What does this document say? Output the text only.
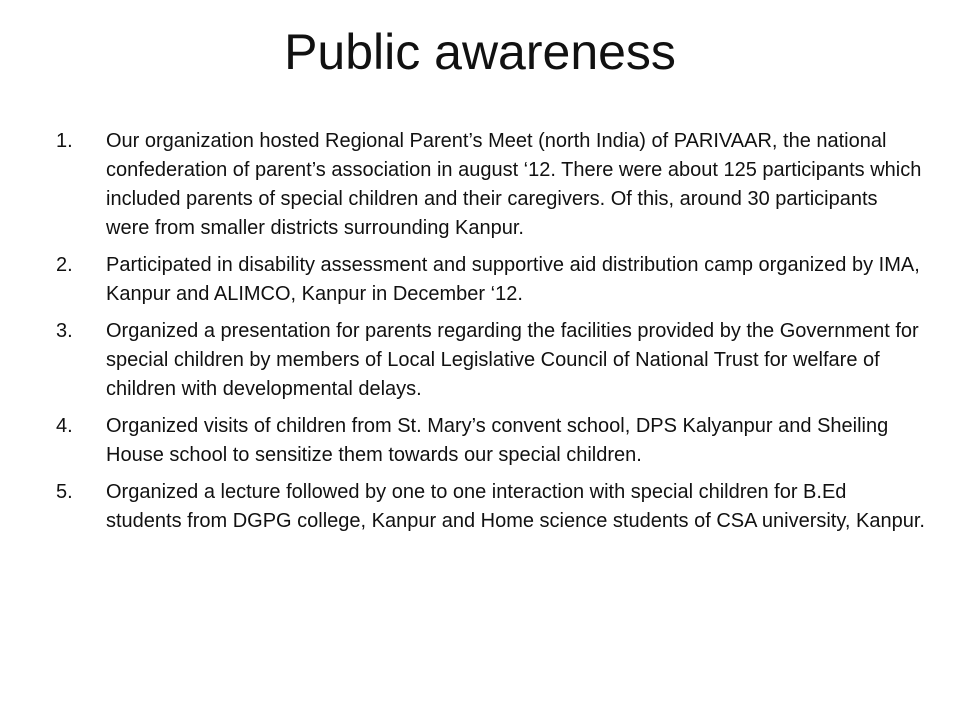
Public awareness
1.	Our organization hosted Regional Parent’s Meet (north India) of PARIVAAR, the national confederation of parent’s association in august ‘12. There were about 125 participants which included parents of special children and their caregivers. Of this, around 30 participants were from smaller districts surrounding Kanpur.
2.	Participated in disability assessment and supportive aid distribution camp organized by IMA, Kanpur and ALIMCO, Kanpur in December ‘12.
3.	Organized a presentation for parents regarding the facilities provided by the Government for special children by members of Local Legislative Council of National Trust for welfare of children with developmental delays.
4.	Organized visits of children from St. Mary’s convent school, DPS Kalyanpur and Sheiling House school to sensitize them towards our special children.
5.	Organized a lecture followed by one to one interaction with special children for B.Ed students from DGPG college, Kanpur and Home science students of CSA university, Kanpur.
